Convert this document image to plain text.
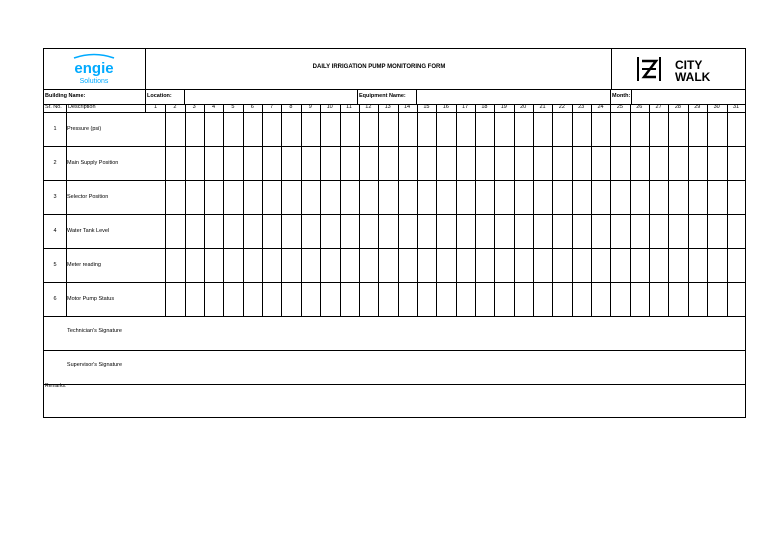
engie
Solutions
DAILY IRRIGATION PUMP MONITORING FORM	CITY
WALK
Building Name:	Location:	Equipment Name:	Month:
Sr. No. Description	1	2	3	4	5	6	7	8	9	10	11	12	13	14	15	16	17	18	19	20	21	22	23	24	25	26	27	28	29	30	31
1	Pressure (psi)
2	Main Supply Position
3	Selector Position
4	Water Tank Level
5	Meter reading
6	Motor Pump Status
Technician's Signature
Supervisor's Signature
Remarks:
